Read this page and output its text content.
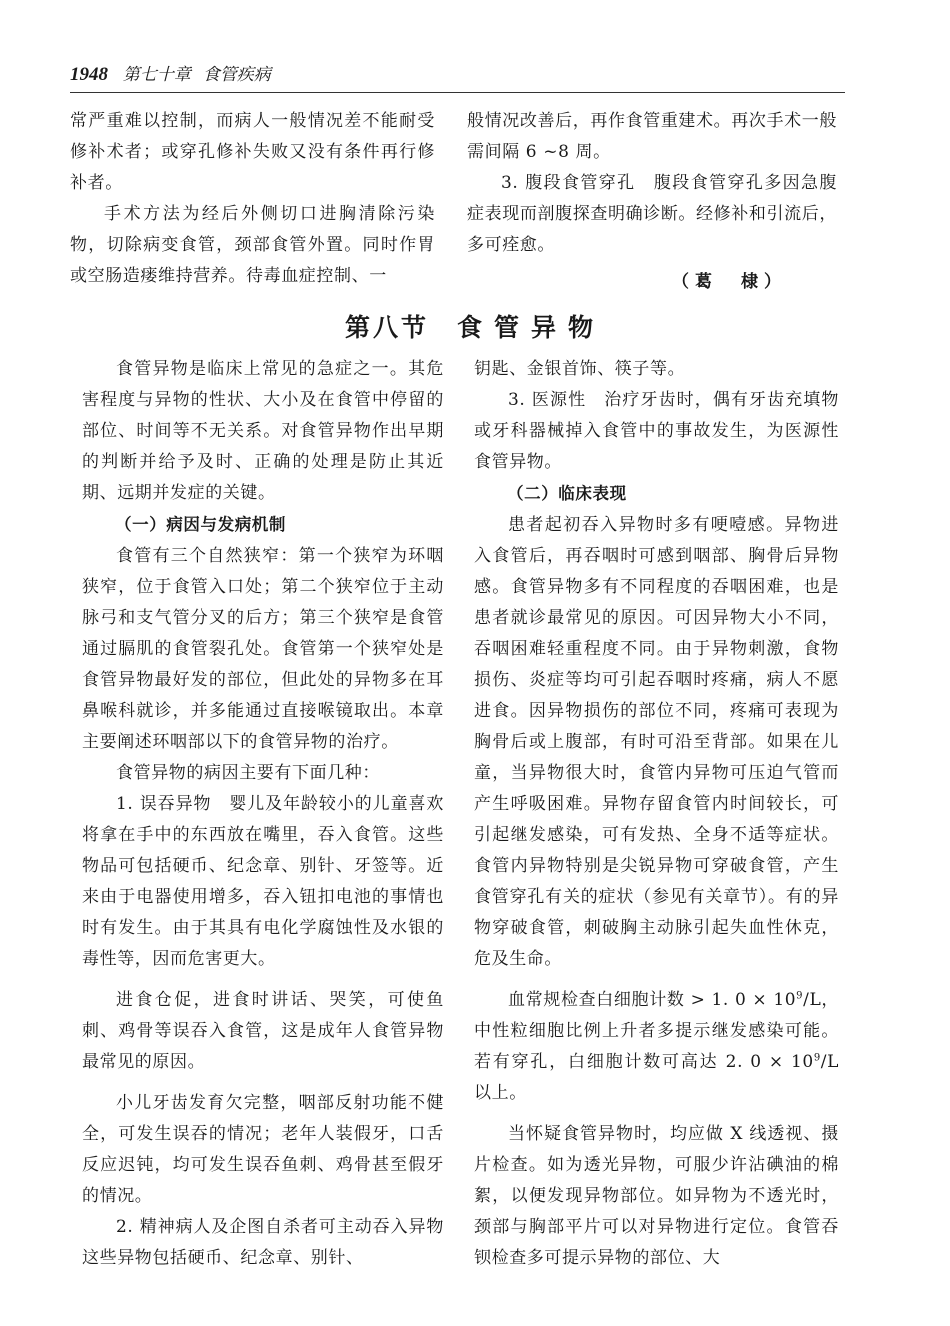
1948 第七十章 食管疾病

常严重难以控制，而病人一般情况差不能耐受修补术者；或穿孔修补失败又没有条件再行修补者。

手术方法为经后外侧切口进胸清除污染物，切除病变食管，颈部食管外置。同时作胃或空肠造瘘维持营养。待毒血症控制、一

般情况改善后，再作食管重建术。再次手术一般需间隔 6 ~8 周。

3. 腹段食管穿孔　腹段食管穿孔多因急腹症表现而剖腹探查明确诊断。经修补和引流后，多可痊愈。

（葛　棣）
第八节 食管异物

食管异物是临床上常见的急症之一。其危害程度与异物的性状、大小及在食管中停留的部位、时间等不无关系。对食管异物作出早期的判断并给予及时、正确的处理是防止其近期、远期并发症的关键。

（一）病因与发病机制

食管有三个自然狭窄：第一个狭窄为环咽狭窄，位于食管入口处；第二个狭窄位于主动脉弓和支气管分叉的后方；第三个狭窄是食管通过膈肌的食管裂孔处。食管第一个狭窄处是食管异物最好发的部位，但此处的异物多在耳鼻喉科就诊，并多能通过直接喉镜取出。本章主要阐述环咽部以下的食管异物的治疗。

食管异物的病因主要有下面几种：

1. 误吞异物　婴儿及年龄较小的儿童喜欢将拿在手中的东西放在嘴里，吞入食管。这些物品可包括硬币、纪念章、别针、牙签等。近来由于电器使用增多，吞入钮扣电池的事情也时有发生。由于其具有电化学腐蚀性及水银的毒性等，因而危害更大。

进食仓促，进食时讲话、哭笑，可使鱼刺、鸡骨等误吞入食管，这是成年人食管异物最常见的原因。

小儿牙齿发育欠完整，咽部反射功能不健全，可发生误吞的情况；老年人装假牙，口舌反应迟钝，均可发生误吞鱼刺、鸡骨甚至假牙的情况。

2. 精神病人及企图自杀者可主动吞入异物　这些异物包括硬币、纪念章、别针、

钥匙、金银首饰、筷子等。

3. 医源性　治疗牙齿时，偶有牙齿充填物或牙科器械掉入食管中的事故发生，为医源性食管异物。

（二）临床表现

患者起初吞入异物时多有哽噎感。异物进入食管后，再吞咽时可感到咽部、胸骨后异物感。食管异物多有不同程度的吞咽困难，也是患者就诊最常见的原因。可因异物大小不同，吞咽困难轻重程度不同。由于异物刺激，食物损伤、炎症等均可引起吞咽时疼痛，病人不愿进食。因异物损伤的部位不同，疼痛可表现为胸骨后或上腹部，有时可沿至背部。如果在儿童，当异物很大时，食管内异物可压迫气管而产生呼吸困难。异物存留食管内时间较长，可引起继发感染，可有发热、全身不适等症状。食管内异物特别是尖锐异物可穿破食管，产生食管穿孔有关的症状（参见有关章节）。有的异物穿破食管，刺破胸主动脉引起失血性休克，危及生命。

血常规检查白细胞计数 > 1. $0 \times 10^9/L$，中性粒细胞比例上升者多提示继发感染可能。若有穿孔，白细胞计数可高达 2. $0 \times 10^9/L$ 以上。

当怀疑食管异物时，均应做 X 线透视、摄片检查。如为透光异物，可服少许沾碘油的棉絮，以便发现异物部位。如异物为不透光时，颈部与胸部平片可以对异物进行定位。食管吞钡检查多可提示异物的部位、大
